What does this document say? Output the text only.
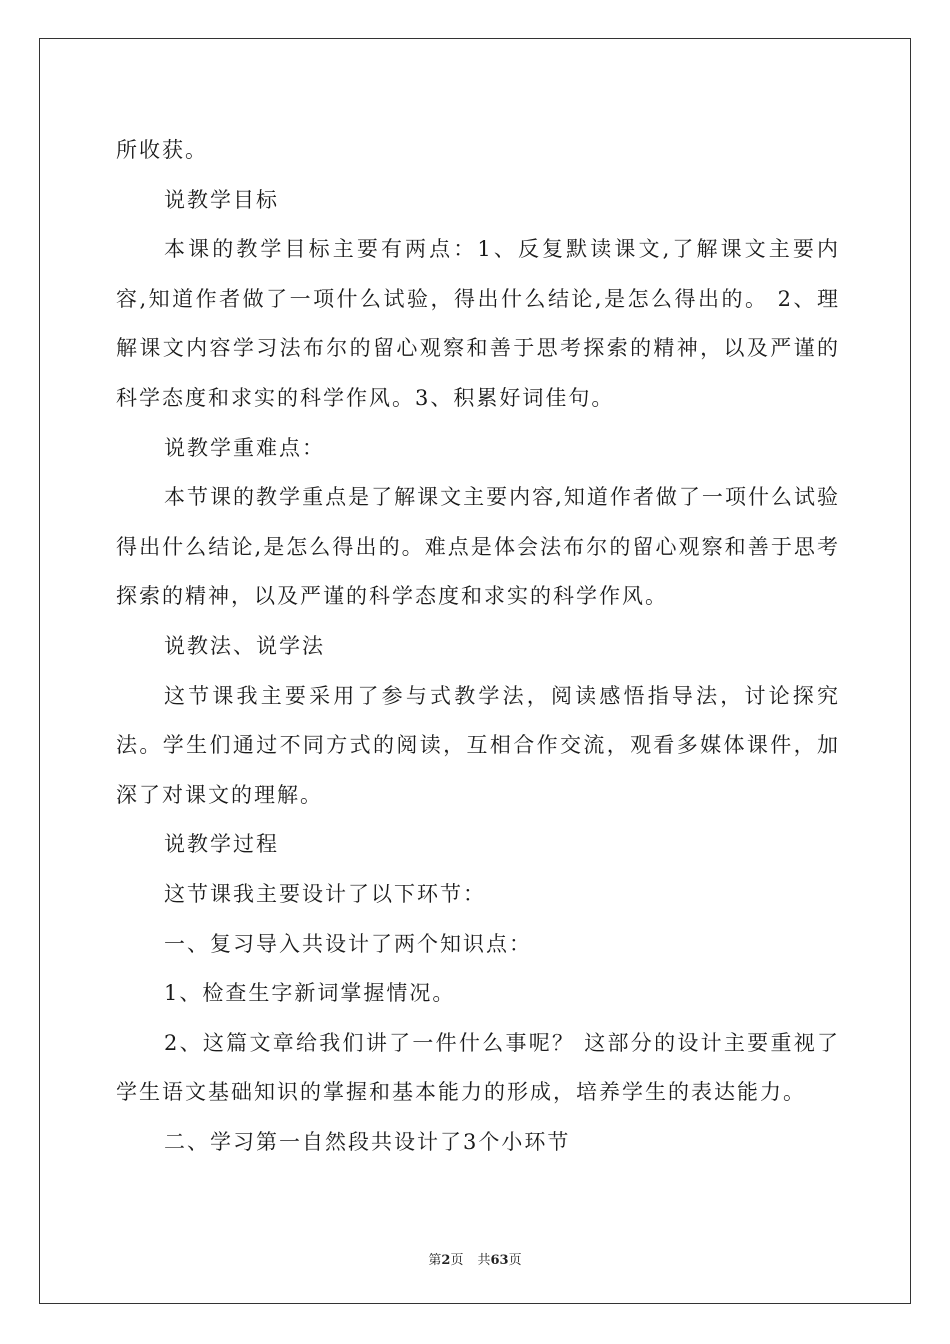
所收获。

说教学目标

本课的教学目标主要有两点：1、反复默读课文,了解课文主要内容,知道作者做了一项什么试验，得出什么结论,是怎么得出的。 2、理解课文内容学习法布尔的留心观察和善于思考探索的精神，以及严谨的科学态度和求实的科学作风。3、积累好词佳句。

说教学重难点：

本节课的教学重点是了解课文主要内容,知道作者做了一项什么试验得出什么结论,是怎么得出的。难点是体会法布尔的留心观察和善于思考探索的精神，以及严谨的科学态度和求实的科学作风。

说教法、说学法

这节课我主要采用了参与式教学法，阅读感悟指导法，讨论探究法。学生们通过不同方式的阅读，互相合作交流，观看多媒体课件，加深了对课文的理解。

说教学过程

这节课我主要设计了以下环节：

一、复习导入共设计了两个知识点：

1、检查生字新词掌握情况。

2、这篇文章给我们讲了一件什么事呢？ 这部分的设计主要重视了学生语文基础知识的掌握和基本能力的形成，培养学生的表达能力。

二、学习第一自然段共设计了3个小环节

第2页 共63页
